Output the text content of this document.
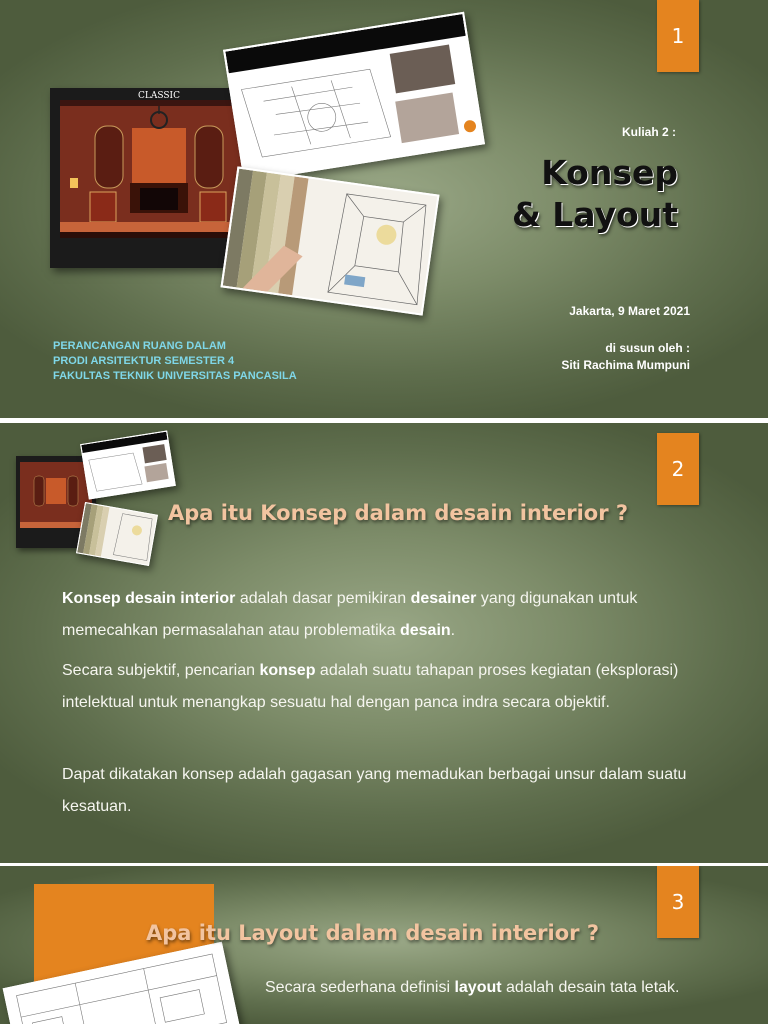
1
CLASSIC
Kuliah 2 :
Konsep
& Layout
Jakarta, 9 Maret 2021
di susun oleh :
Siti Rachima Mumpuni
PERANCANGAN RUANG DALAM
PRODI ARSITEKTUR SEMESTER 4
FAKULTAS TEKNIK UNIVERSITAS PANCASILA
2
Apa itu Konsep dalam desain interior ?
Konsep desain interior adalah dasar pemikiran desainer yang digunakan untuk memecahkan permasalahan atau problematika desain.
Secara subjektif, pencarian konsep adalah suatu tahapan proses kegiatan (eksplorasi) intelektual untuk menangkap sesuatu hal dengan panca indra secara objektif.
Dapat dikatakan konsep adalah gagasan yang memadukan berbagai unsur dalam suatu kesatuan.
3
Apa itu Layout dalam desain interior ?
Secara sederhana definisi layout adalah desain tata letak.
